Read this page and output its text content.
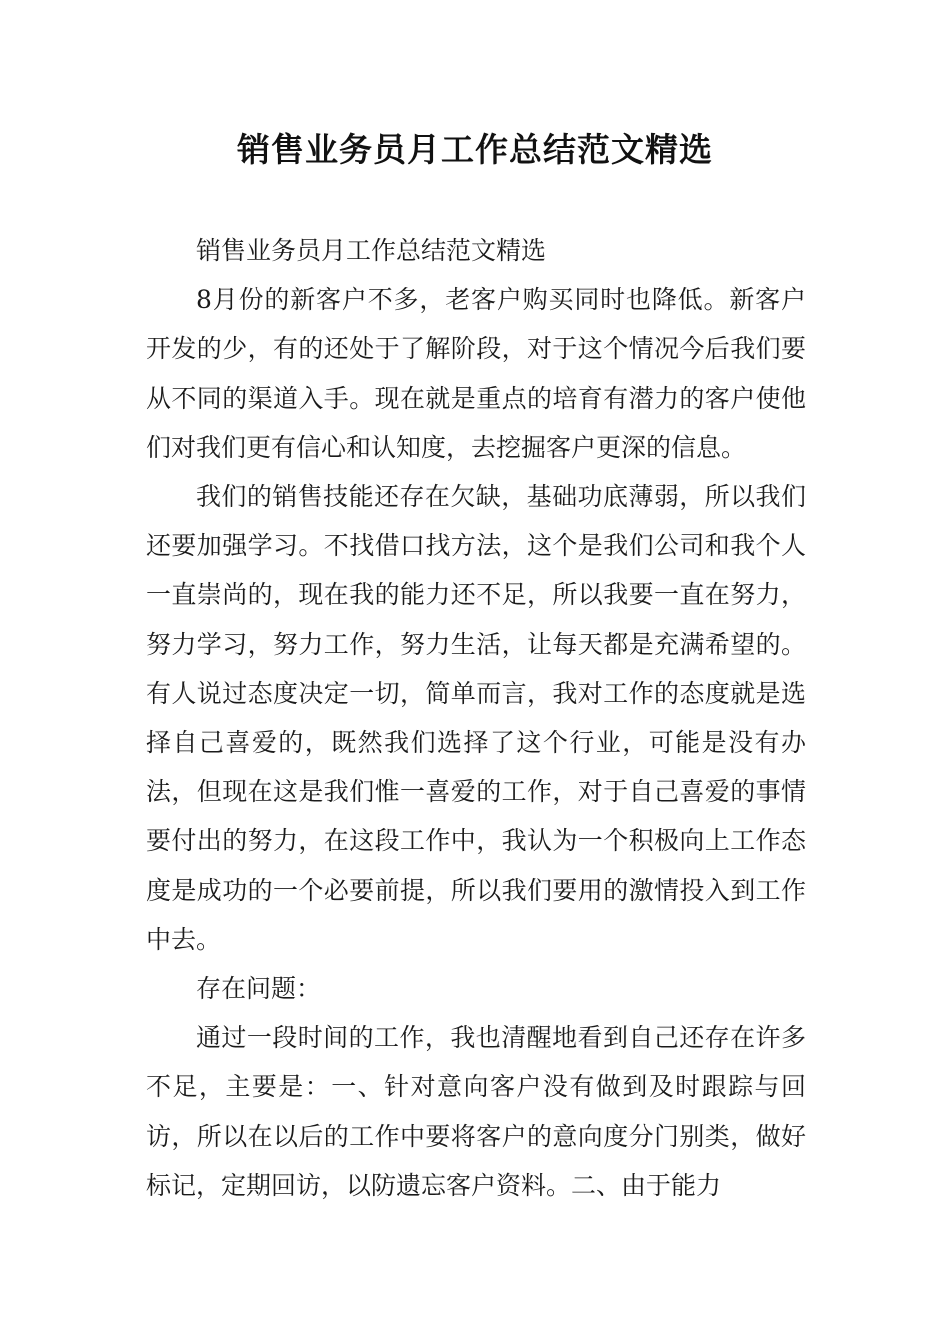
销售业务员月工作总结范文精选

销售业务员月工作总结范文精选

8月份的新客户不多，老客户购买同时也降低。新客户开发的少，有的还处于了解阶段，对于这个情况今后我们要从不同的渠道入手。现在就是重点的培育有潜力的客户使他们对我们更有信心和认知度，去挖掘客户更深的信息。

我们的销售技能还存在欠缺，基础功底薄弱，所以我们还要加强学习。不找借口找方法，这个是我们公司和我个人一直崇尚的，现在我的能力还不足，所以我要一直在努力，努力学习，努力工作，努力生活，让每天都是充满希望的。有人说过态度决定一切，简单而言，我对工作的态度就是选择自己喜爱的，既然我们选择了这个行业，可能是没有办法，但现在这是我们惟一喜爱的工作，对于自己喜爱的事情要付出的努力，在这段工作中，我认为一个积极向上工作态度是成功的一个必要前提，所以我们要用的激情投入到工作中去。

存在问题：

通过一段时间的工作，我也清醒地看到自己还存在许多不足，主要是：一、针对意向客户没有做到及时跟踪与回访，所以在以后的工作中要将客户的意向度分门别类，做好标记，定期回访，以防遗忘客户资料。二、由于能力
